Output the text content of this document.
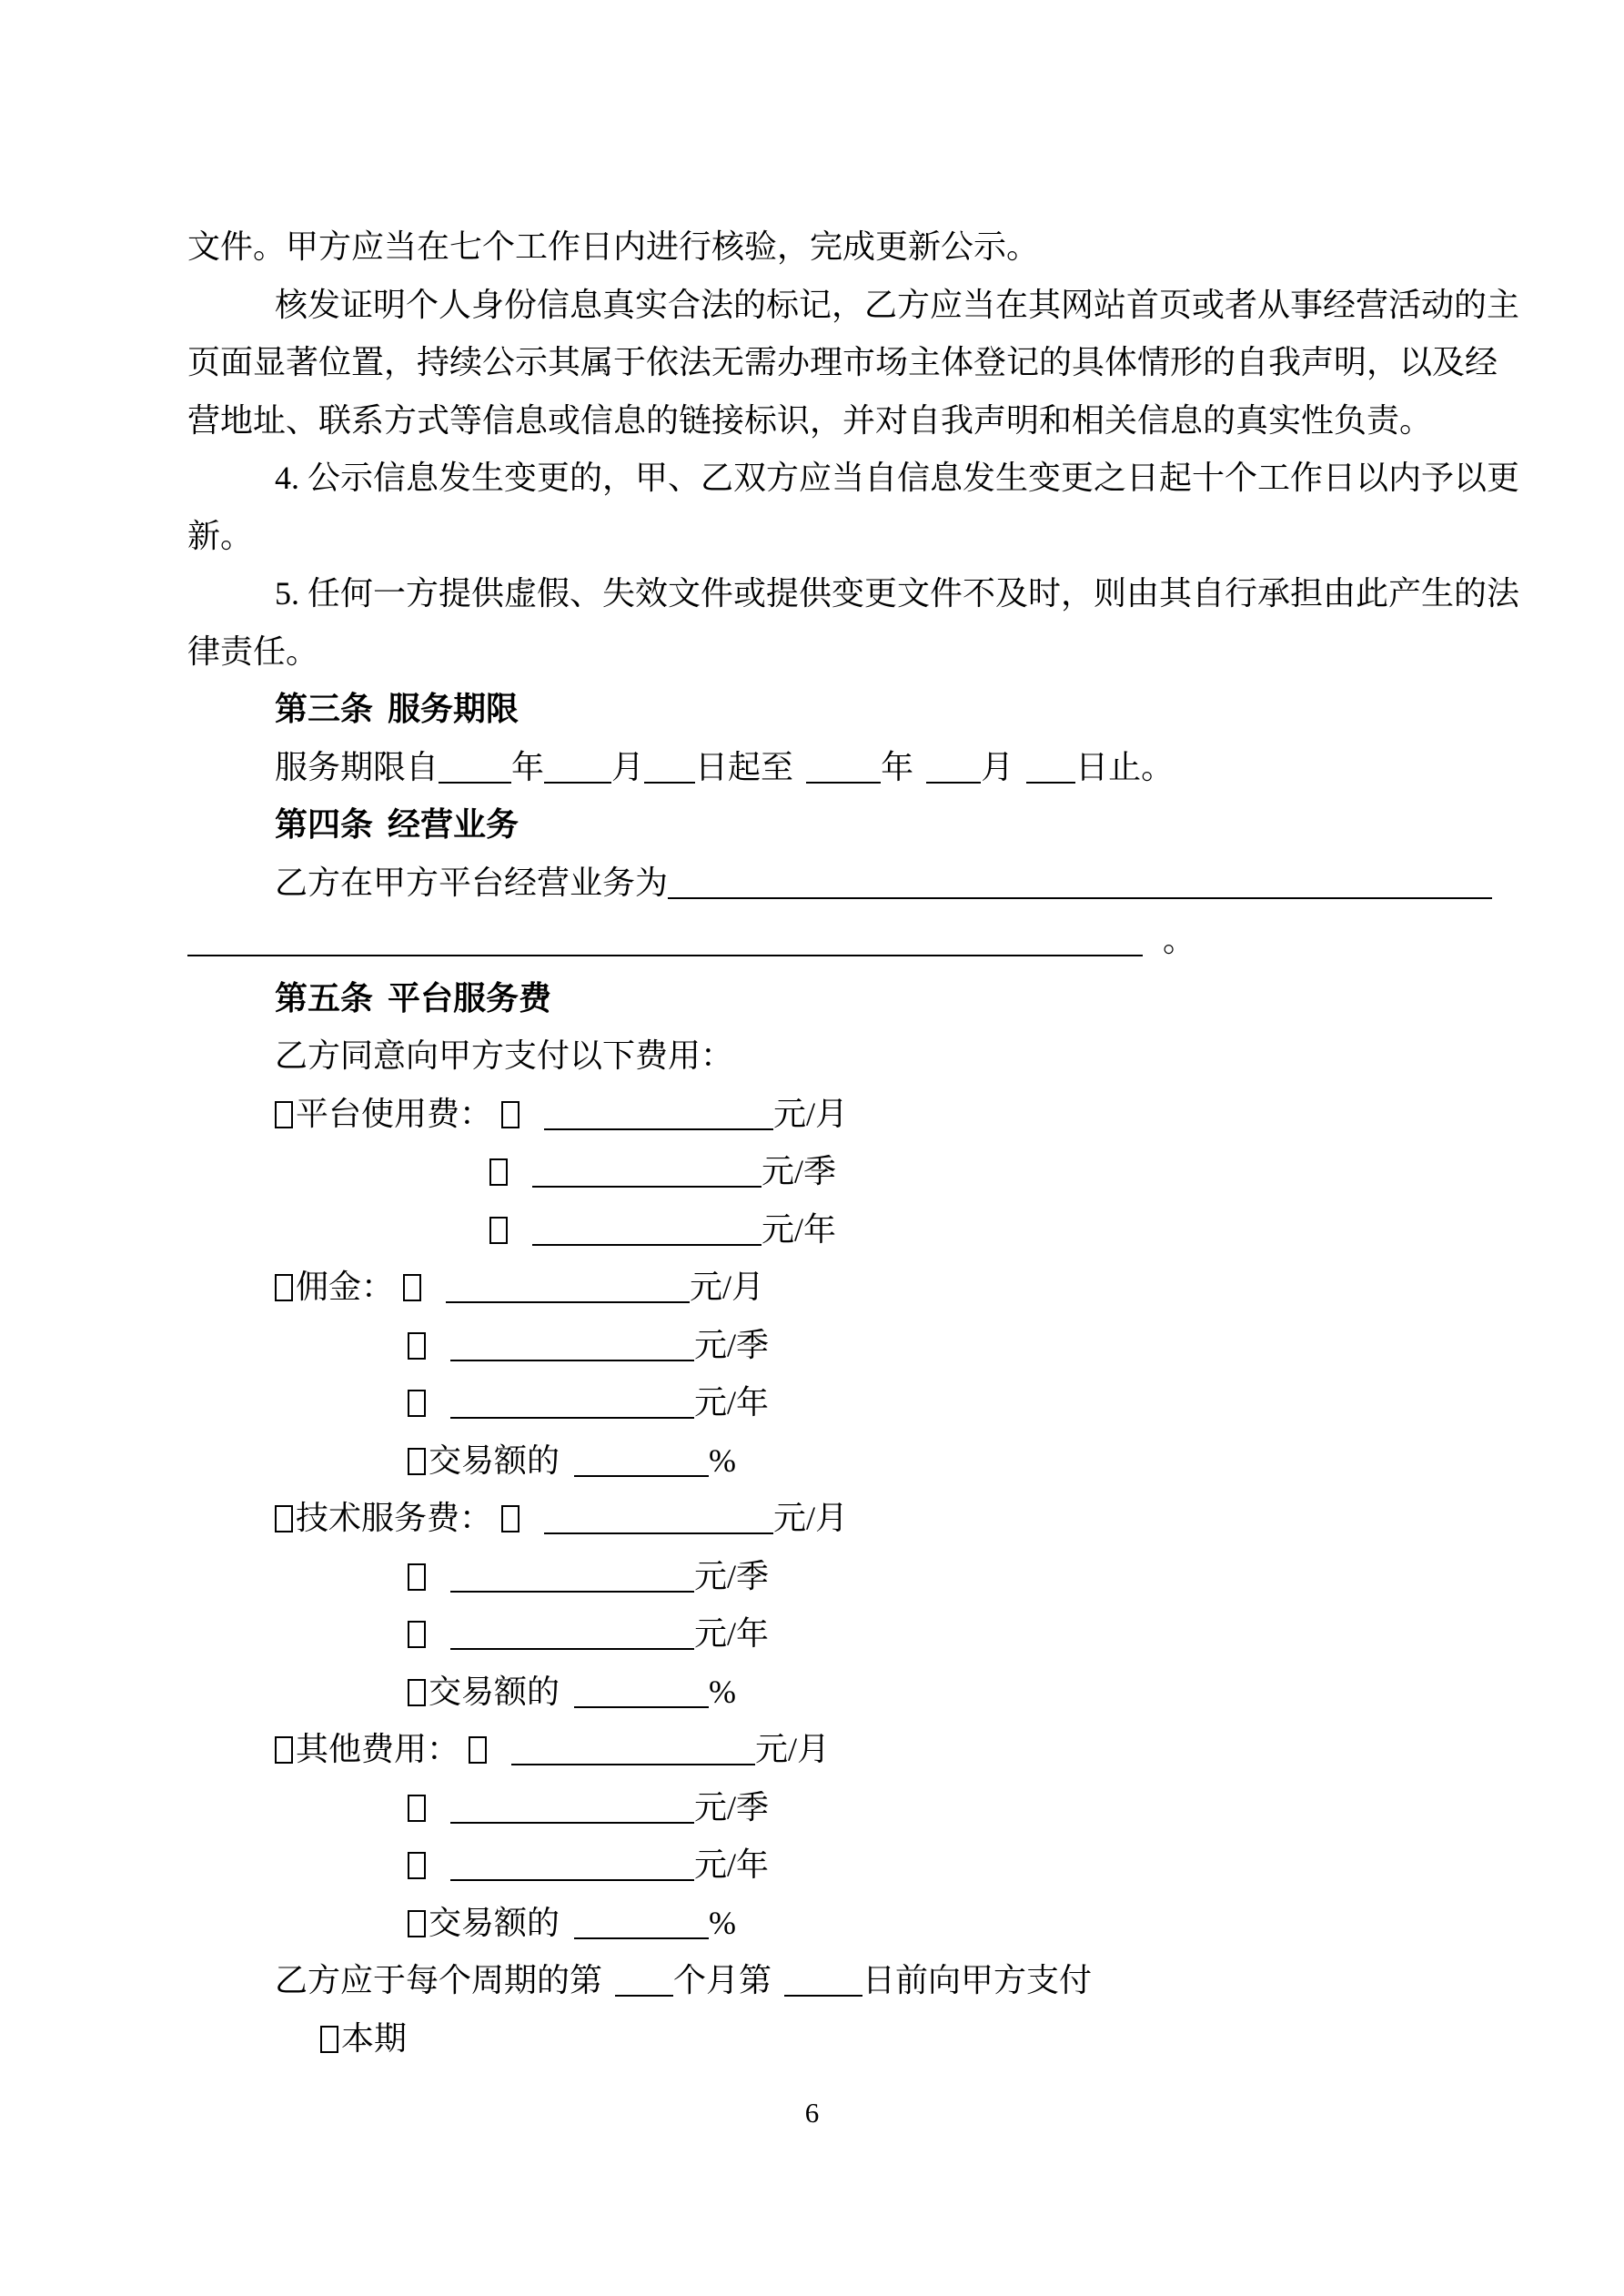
文件。甲方应当在七个工作日内进行核验，完成更新公示。
核发证明个人身份信息真实合法的标记，乙方应当在其网站首页或者从事经营活动的主
页面显著位置，持续公示其属于依法无需办理市场主体登记的具体情形的自我声明，以及经
营地址、联系方式等信息或信息的链接标识，并对自我声明和相关信息的真实性负责。
4. 公示信息发生变更的，甲、乙双方应当自信息发生变更之日起十个工作日以内予以更
新。
5. 任何一方提供虚假、失效文件或提供变更文件不及时，则由其自行承担由此产生的法
律责任。
第三条 服务期限
服务期限自 年 月 日起至	年 月 日止。
第四条 经营业务
乙方在甲方平台经营业务为
。
第五条 平台服务费
乙方同意向甲方支付以下费用：
平台使用费：	元/月
元/季
元/年
佣金：	元/月
元/季
元/年
交易额的	%
技术服务费：	元/月
元/季
元/年
交易额的	%
其他费用：	元/月
元/季
元/年
交易额的	%
乙方应于每个周期的第 个月第	日前向甲方支付
本期
6
